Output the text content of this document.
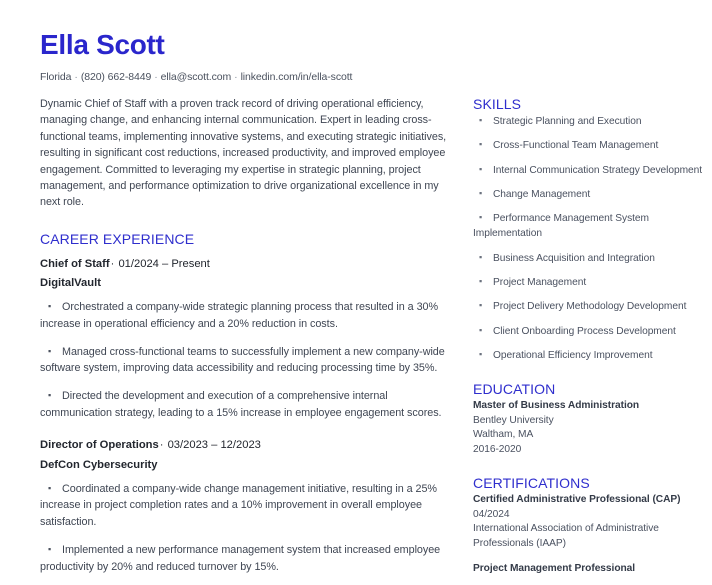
Ella Scott
Florida · (820) 662-8449 · ella@scott.com · linkedin.com/in/ella-scott

Dynamic Chief of Staff with a proven track record of driving operational efficiency, managing change, and enhancing internal communication. Expert in leading cross-functional teams, implementing innovative systems, and executing strategic initiatives, resulting in significant cost reductions, increased productivity, and improved employee engagement. Committed to leveraging my expertise in strategic planning, project management, and performance optimization to drive organizational excellence in my next role.

CAREER EXPERIENCE
Chief of Staff· 01/2024 – Present
DigitalVault
▪ Orchestrated a company-wide strategic planning process that resulted in a 30% increase in operational efficiency and a 20% reduction in costs.
▪ Managed cross-functional teams to successfully implement a new company-wide software system, improving data accessibility and reducing processing time by 35%.
▪ Directed the development and execution of a comprehensive internal communication strategy, leading to a 15% increase in employee engagement scores.
Director of Operations· 03/2023 – 12/2023
DefCon Cybersecurity
▪ Coordinated a company-wide change management initiative, resulting in a 25% increase in project completion rates and a 10% improvement in overall employee satisfaction.
▪ Implemented a new performance management system that increased employee productivity by 20% and reduced turnover by 15%.
SKILLS
▪ Strategic Planning and Execution
▪ Cross-Functional Team Management
▪ Internal Communication Strategy Development
▪ Change Management
▪ Performance Management System Implementation
▪ Business Acquisition and Integration
▪ Project Management
▪ Project Delivery Methodology Development
▪ Client Onboarding Process Development
▪ Operational Efficiency Improvement
EDUCATION
Master of Business Administration
Bentley University
Waltham, MA
2016-2020
CERTIFICATIONS
Certified Administrative Professional (CAP)
04/2024
International Association of Administrative Professionals (IAAP)
Project Management Professional
